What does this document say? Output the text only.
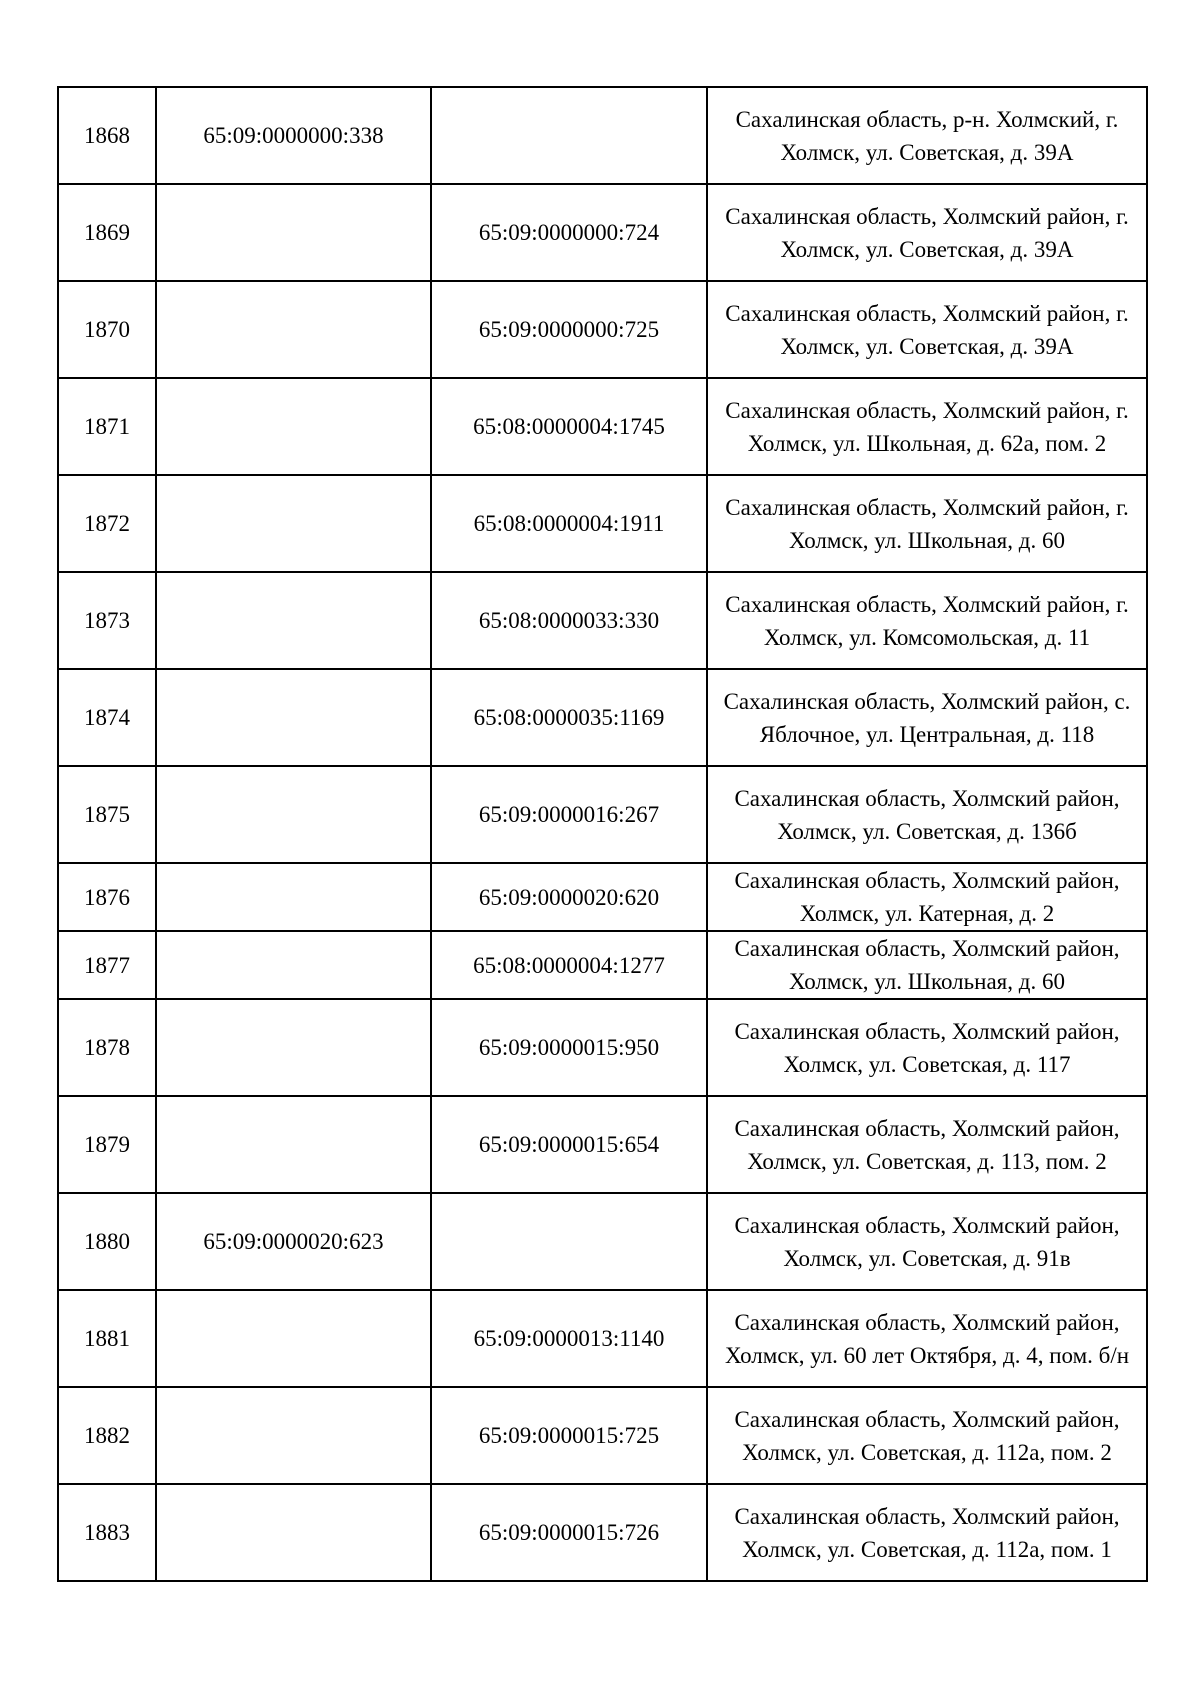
1868	65:09:0000000:338		Сахалинская область, р-н. Холмский, г. Холмск, ул. Советская, д. 39А
1869		65:09:0000000:724	Сахалинская область, Холмский район, г. Холмск, ул. Советская, д. 39А
1870		65:09:0000000:725	Сахалинская область, Холмский район, г. Холмск, ул. Советская, д. 39А
1871		65:08:0000004:1745	Сахалинская область, Холмский район, г. Холмск, ул. Школьная, д. 62а, пом. 2
1872		65:08:0000004:1911	Сахалинская область, Холмский район, г. Холмск, ул. Школьная, д. 60
1873		65:08:0000033:330	Сахалинская область, Холмский район, г. Холмск, ул. Комсомольская, д. 11
1874		65:08:0000035:1169	Сахалинская область, Холмский район, с. Яблочное, ул. Центральная, д. 118
1875		65:09:0000016:267	Сахалинская область, Холмский район, Холмск, ул. Советская, д. 136б
1876		65:09:0000020:620	Сахалинская область, Холмский район, Холмск, ул. Катерная, д. 2
1877		65:08:0000004:1277	Сахалинская область, Холмский район, Холмск, ул. Школьная, д. 60
1878		65:09:0000015:950	Сахалинская область, Холмский район, Холмск, ул. Советская, д. 117
1879		65:09:0000015:654	Сахалинская область, Холмский район, Холмск, ул. Советская, д. 113, пом. 2
1880	65:09:0000020:623		Сахалинская область, Холмский район, Холмск, ул. Советская, д. 91в
1881		65:09:0000013:1140	Сахалинская область, Холмский район, Холмск, ул. 60 лет Октября, д. 4, пом. б/н
1882		65:09:0000015:725	Сахалинская область, Холмский район, Холмск, ул. Советская, д. 112а, пом. 2
1883		65:09:0000015:726	Сахалинская область, Холмский район, Холмск, ул. Советская, д. 112а, пом. 1
